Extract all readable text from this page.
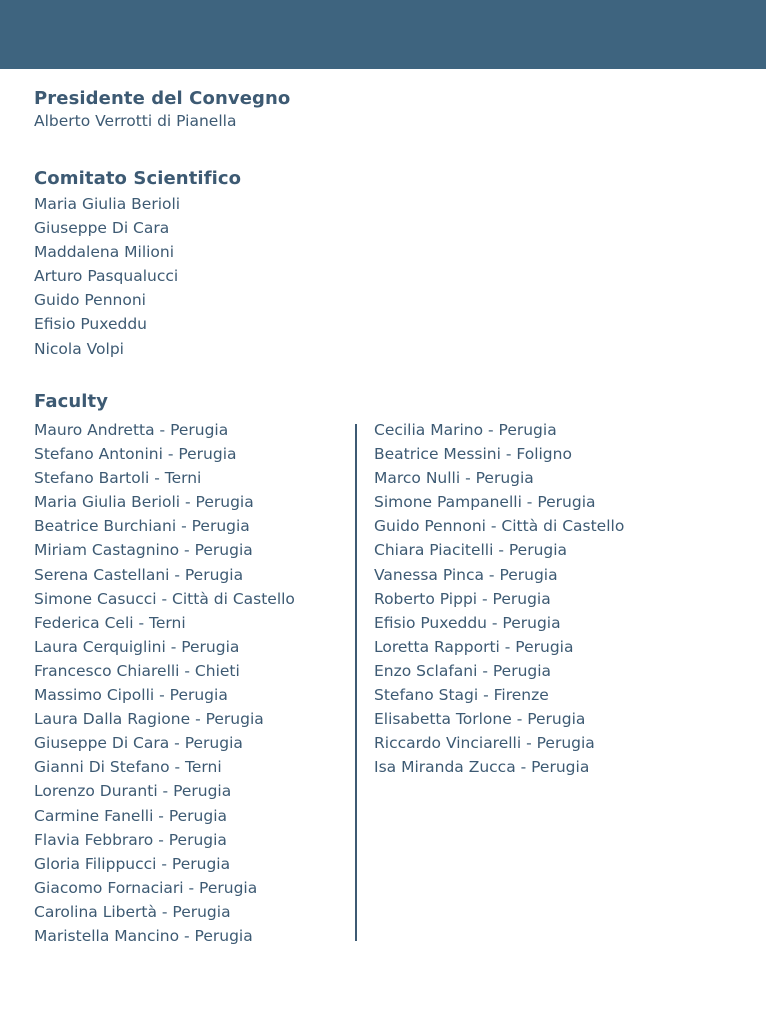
Presidente del Convegno
Alberto Verrotti di Pianella
Comitato Scientifico
Maria Giulia Berioli
Giuseppe Di Cara
Maddalena Milioni
Arturo Pasqualucci
Guido Pennoni
Efisio Puxeddu
Nicola Volpi
Faculty
Mauro Andretta - Perugia
Stefano Antonini - Perugia
Stefano Bartoli - Terni
Maria Giulia Berioli - Perugia
Beatrice Burchiani - Perugia
Miriam Castagnino - Perugia
Serena Castellani - Perugia
Simone Casucci - Città di Castello
Federica Celi - Terni
Laura Cerquiglini - Perugia
Francesco Chiarelli - Chieti
Massimo Cipolli - Perugia
Laura Dalla Ragione - Perugia
Giuseppe Di Cara - Perugia
Gianni Di Stefano - Terni
Lorenzo Duranti - Perugia
Carmine Fanelli - Perugia
Flavia Febbraro - Perugia
Gloria Filippucci - Perugia
Giacomo Fornaciari - Perugia
Carolina Libertà - Perugia
Maristella Mancino - Perugia
Cecilia Marino - Perugia
Beatrice Messini - Foligno
Marco Nulli - Perugia
Simone Pampanelli - Perugia
Guido Pennoni - Città di Castello
Chiara Piacitelli - Perugia
Vanessa Pinca - Perugia
Roberto Pippi - Perugia
Efisio Puxeddu - Perugia
Loretta Rapporti - Perugia
Enzo Sclafani - Perugia
Stefano Stagi - Firenze
Elisabetta Torlone - Perugia
Riccardo Vinciarelli - Perugia
Isa Miranda Zucca - Perugia
